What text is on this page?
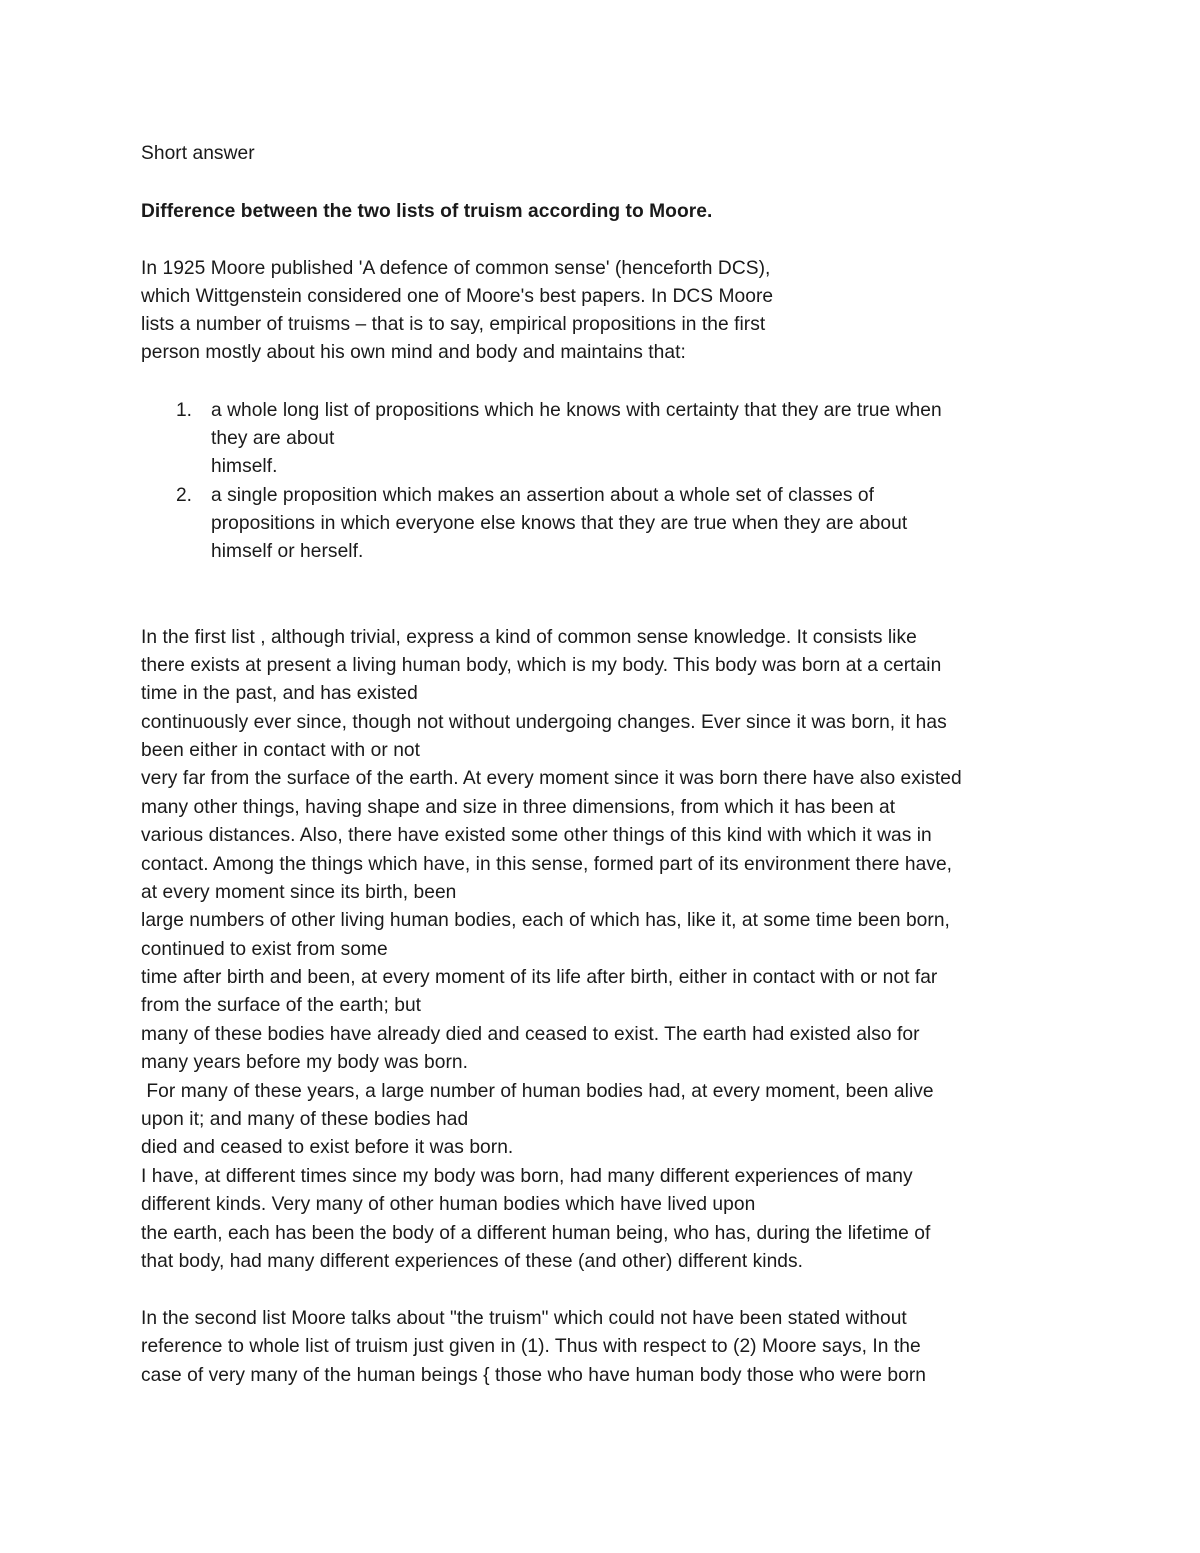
Short answer
Difference between the two lists of truism according to Moore.
In 1925 Moore published 'A defence of common sense' (henceforth DCS),
which Wittgenstein considered one of Moore's best papers. In DCS Moore
lists a number of truisms – that is to say, empirical propositions in the first
person mostly about his own mind and body and maintains that:
1. a whole long list of propositions which he knows with certainty that they are true when
they are about
himself.
2. a single proposition which makes an assertion about a whole set of classes of
propositions in which everyone else knows that they are true when they are about
himself or herself.
In the first list , although trivial, express a kind of common sense knowledge. It consists like
there exists at present a living human body, which is my body. This body was born at a certain
time in the past, and has existed
continuously ever since, though not without undergoing changes. Ever since it was born, it has
been either in contact with or not
very far from the surface of the earth. At every moment since it was born there have also existed
many other things, having shape and size in three dimensions, from which it has been at
various distances. Also, there have existed some other things of this kind with which it was in
contact. Among the things which have, in this sense, formed part of its environment there have,
at every moment since its birth, been
large numbers of other living human bodies, each of which has, like it, at some time been born,
continued to exist from some
time after birth and been, at every moment of its life after birth, either in contact with or not far
from the surface of the earth; but
many of these bodies have already died and ceased to exist. The earth had existed also for
many years before my body was born.
For many of these years, a large number of human bodies had, at every moment, been alive
upon it; and many of these bodies had
died and ceased to exist before it was born.
I have, at different times since my body was born, had many different experiences of many
different kinds. Very many of other human bodies which have lived upon
the earth, each has been the body of a different human being, who has, during the lifetime of
that body, had many different experiences of these (and other) different kinds.
In the second list Moore talks about "the truism" which could not have been stated without
reference to whole list of truism just given in (1). Thus with respect to (2) Moore says, In the
case of very many of the human beings { those who have human body those who were born
